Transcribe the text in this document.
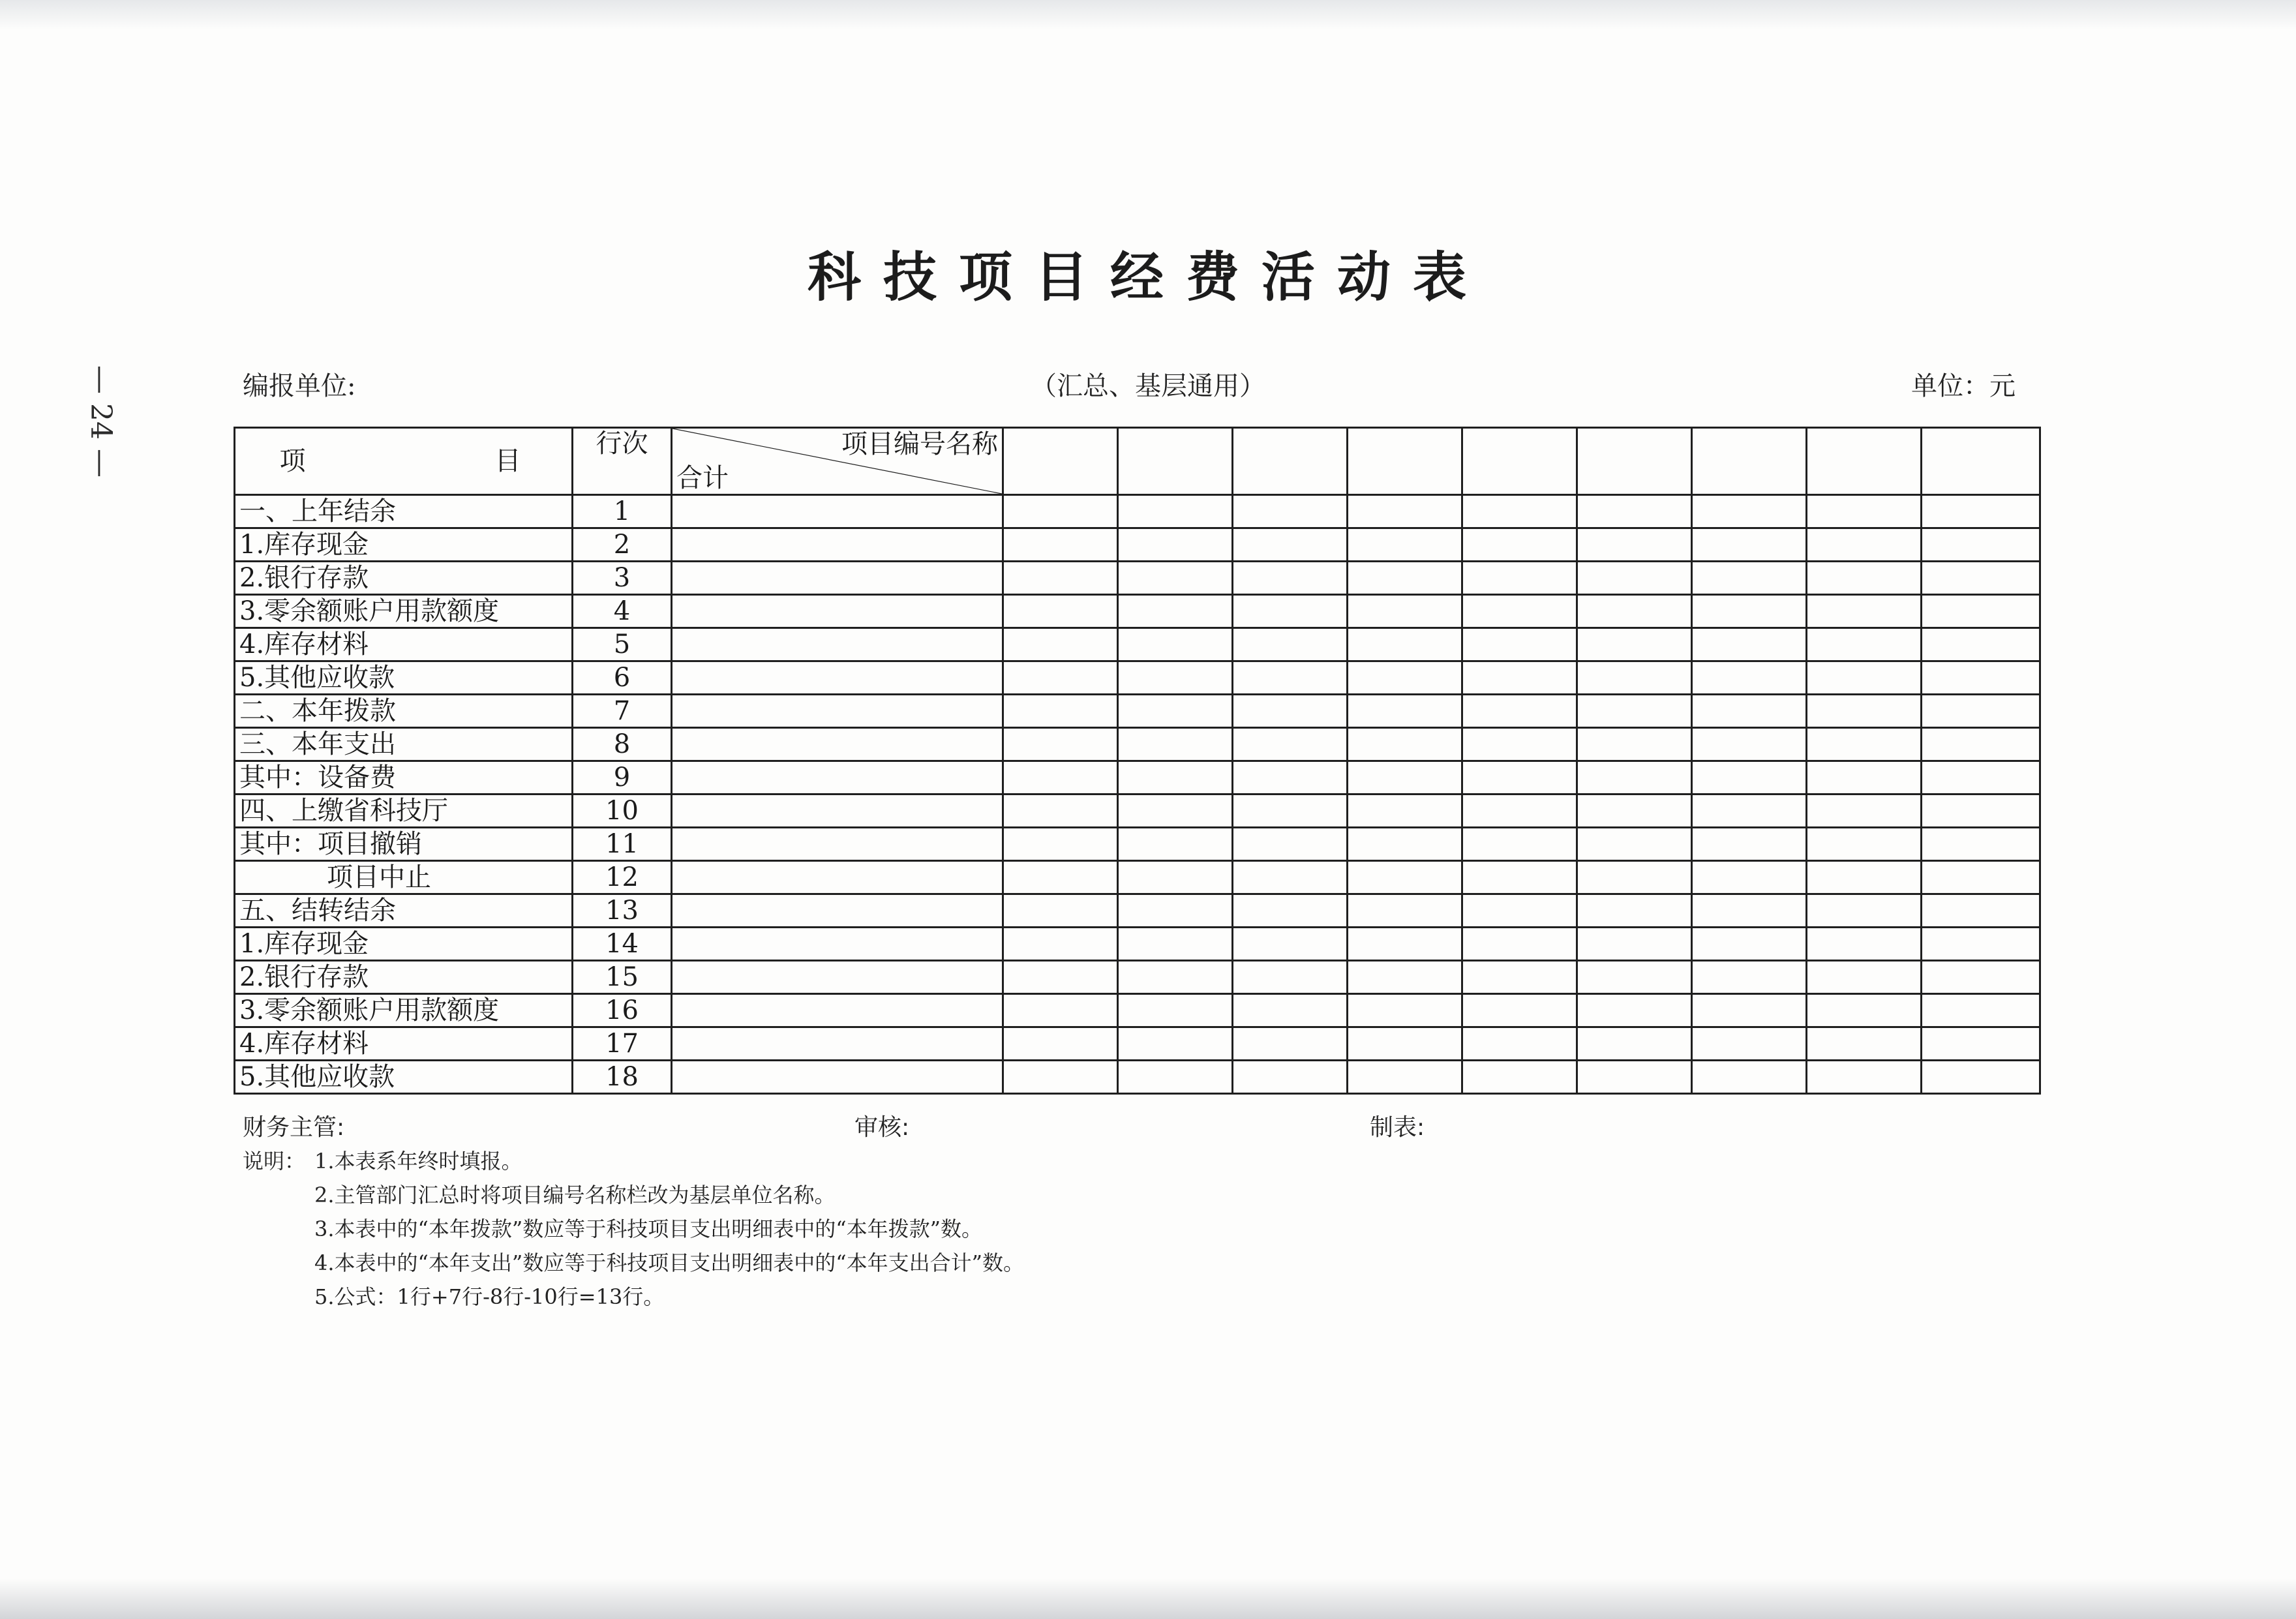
— 24 —
科技项目经费活动表
编报单位:	（汇总、基层通用）	单位：元
项　　目	行次	项目编号名称
合计									

一、上年结余	1										
1.库存现金	2										
2.银行存款	3										
3.零余额账户用款额度	4										
4.库存材料	5										
5.其他应收款	6										
二、本年拨款	7										
三、本年支出	8										
其中：设备费	9										
四、上缴省科技厅	10										
其中：项目撤销	11										
项目中止	12										
五、结转结余	13										
1.库存现金	14										
2.银行存款	15										
3.零余额账户用款额度	16										
4.库存材料	17										
5.其他应收款	18										
财务主管:	审核:	制表:
说明： 1.本表系年终时填报。
2.主管部门汇总时将项目编号名称栏改为基层单位名称。
3.本表中的“本年拨款”数应等于科技项目支出明细表中的“本年拨款”数。
4.本表中的“本年支出”数应等于科技项目支出明细表中的“本年支出合计”数。
5.公式：1行+7行-8行-10行=13行。
